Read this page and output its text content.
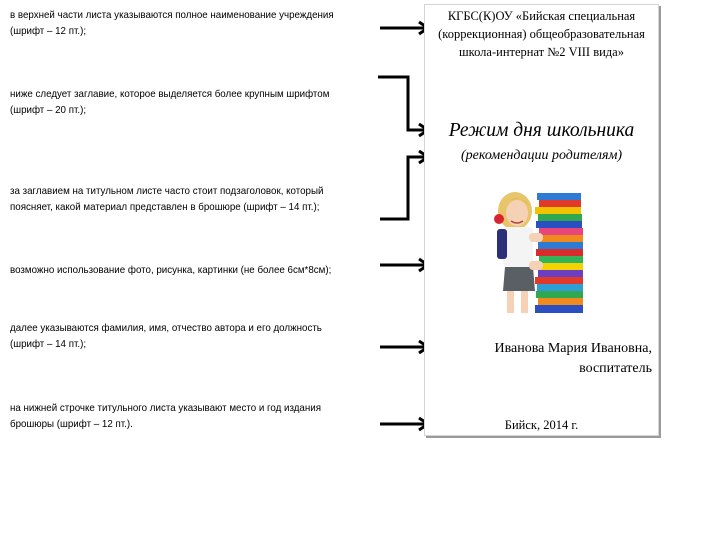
в верхней части листа указываются полное наименование учреждения (шрифт – 12 пт.);
ниже следует заглавие, которое выделяется более крупным шрифтом (шрифт – 20 пт.);
за заглавием на титульном листе часто стоит подзаголовок, который поясняет, какой материал представлен в брошюре (шрифт – 14 пт.);
возможно использование фото, рисунка, картинки (не более 6см*8см);
далее указываются фамилия, имя, отчество автора и его должность (шрифт – 14 пт.);
на нижней строчке титульного листа указывают место и год издания брошюры (шрифт – 12 пт.).
КГБС(К)ОУ «Бийская специальная
(коррекционная) общеобразовательная
школа-интернат №2 VIII вида»
Режим дня школьника
(рекомендации родителям)
Иванова Мария Ивановна,
воспитатель
Бийск, 2014 г.
